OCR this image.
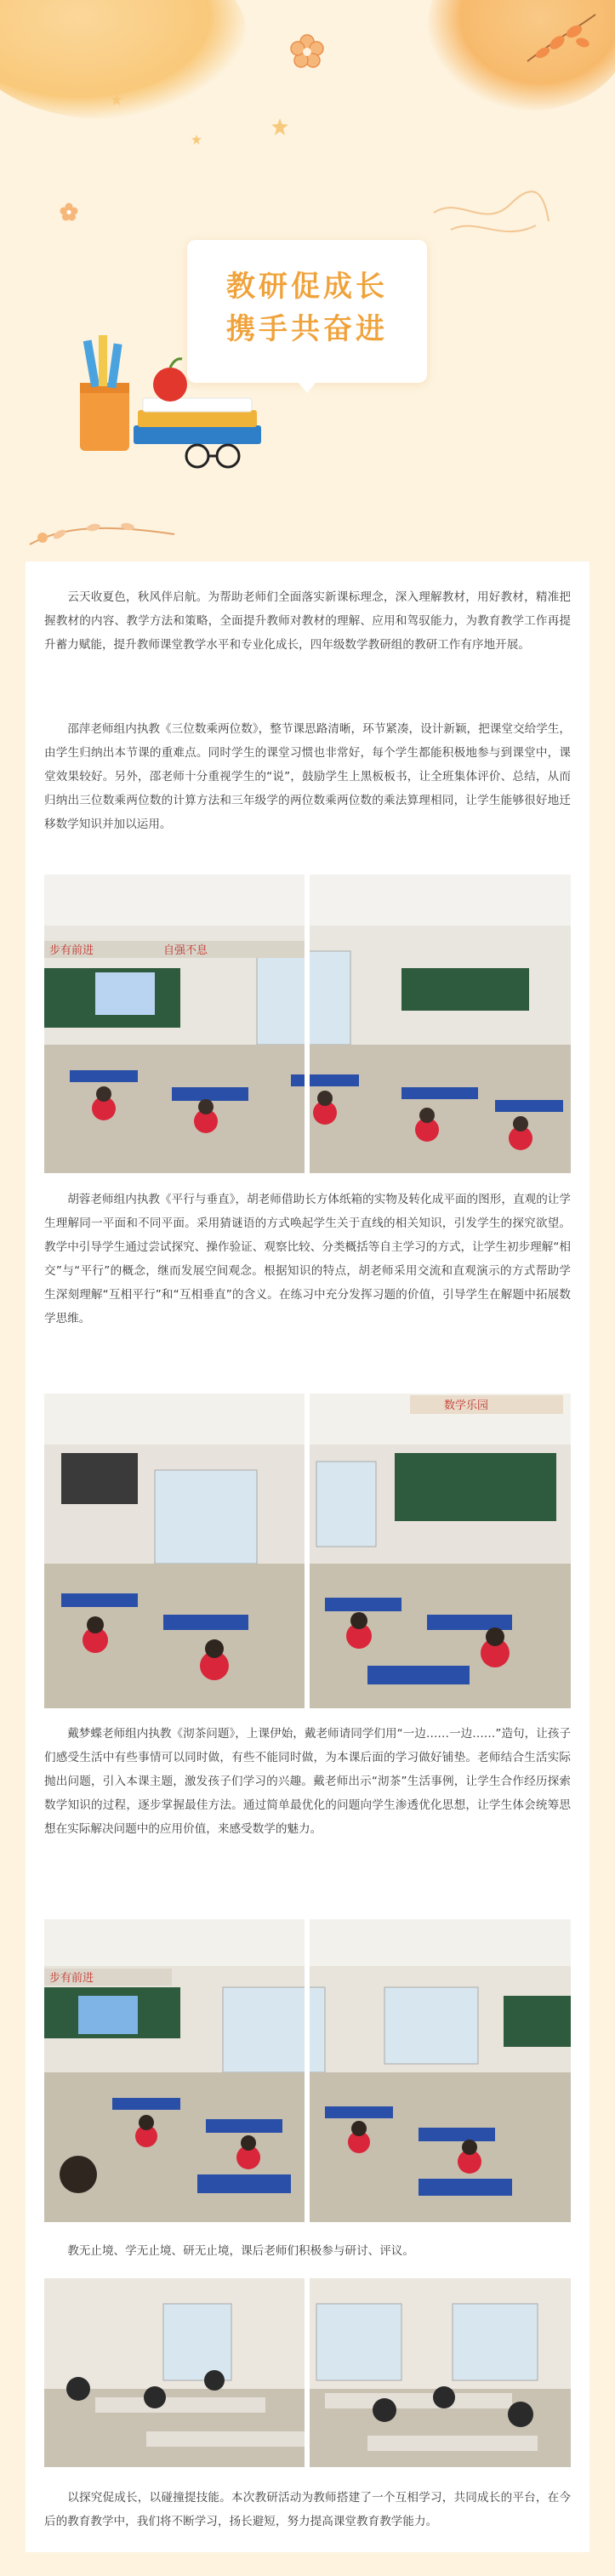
教研促成长
携手共奋进

云天收夏色，秋风伴启航。为帮助老师们全面落实新课标理念，深入理解教材，用好教材，精准把握教材的内容、教学方法和策略，全面提升教师对教材的理解、应用和驾驭能力，为教育教学工作再提升蓄力赋能，提升教师课堂教学水平和专业化成长，四年级数学教研组的教研工作有序地开展。

邵萍老师组内执教《三位数乘两位数》，整节课思路清晰，环节紧凑，设计新颖，把课堂交给学生，由学生归纳出本节课的重难点。同时学生的课堂习惯也非常好，每个学生都能积极地参与到课堂中，课堂效果较好。另外，邵老师十分重视学生的“说”，鼓励学生上黑板板书，让全班集体评价、总结，从而归纳出三位数乘两位数的计算方法和三年级学的两位数乘两位数的乘法算理相同，让学生能够很好地迁移数学知识并加以运用。

步有前进	自强不息

胡蓉老师组内执教《平行与垂直》，胡老师借助长方体纸箱的实物及转化成平面的图形，直观的让学生理解同一平面和不同平面。采用猜谜语的方式唤起学生关于直线的相关知识，引发学生的探究欲望。教学中引导学生通过尝试探究、操作验证、观察比较、分类概括等自主学习的方式，让学生初步理解“相交”与“平行”的概念，继而发展空间观念。根据知识的特点，胡老师采用交流和直观演示的方式帮助学生深刻理解“互相平行”和“互相垂直”的含义。在练习中充分发挥习题的价值，引导学生在解题中拓展数学思维。

数学乐园

戴梦蝶老师组内执教《沏茶问题》，上课伊始，戴老师请同学们用“一边……一边……”造句，让孩子们感受生活中有些事情可以同时做，有些不能同时做，为本课后面的学习做好铺垫。老师结合生活实际抛出问题，引入本课主题，激发孩子们学习的兴趣。戴老师出示“沏茶”生活事例，让学生合作经历探索数学知识的过程，逐步掌握最佳方法。通过简单最优化的问题向学生渗透优化思想，让学生体会统筹思想在实际解决问题中的应用价值，来感受数学的魅力。

步有前进

教无止境、学无止境、研无止境，课后老师们积极参与研讨、评议。

以探究促成长，以碰撞提技能。本次教研活动为教师搭建了一个互相学习，共同成长的平台，在今后的教育教学中，我们将不断学习，扬长避短，努力提高课堂教育教学能力。
